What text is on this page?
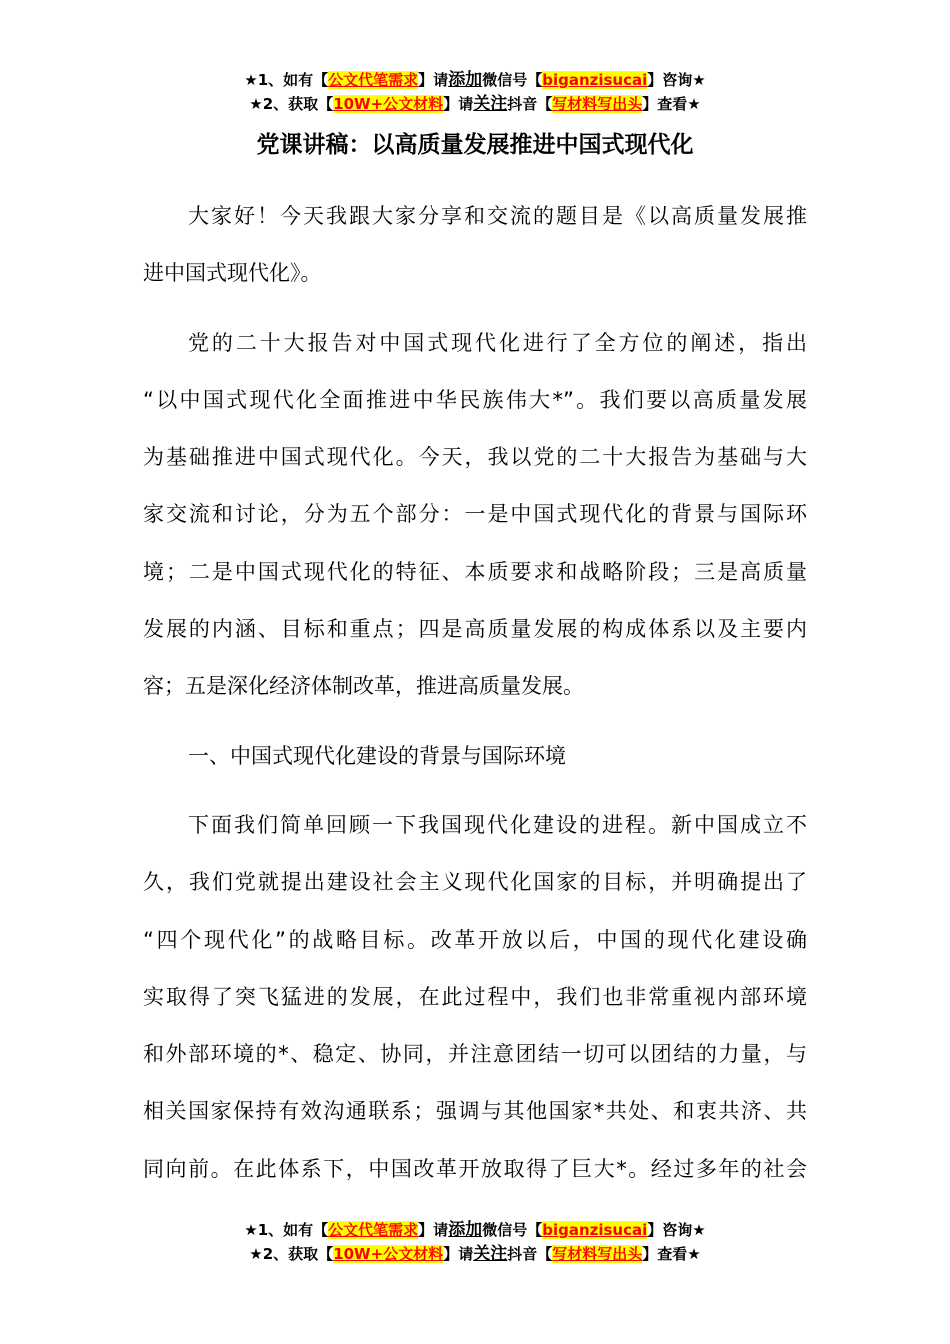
★1、如有【公文代笔需求】请添加微信号【biganzisucai】咨询★
★2、获取【10W+公文材料】请关注抖音【写材料写出头】查看★
党课讲稿：以高质量发展推进中国式现代化
大家好！今天我跟大家分享和交流的题目是《以高质量发展推
进中国式现代化》。
党的二十大报告对中国式现代化进行了全方位的阐述，指出
“以中国式现代化全面推进中华民族伟大*”。我们要以高质量发展
为基础推进中国式现代化。今天，我以党的二十大报告为基础与大
家交流和讨论，分为五个部分：一是中国式现代化的背景与国际环
境；二是中国式现代化的特征、本质要求和战略阶段；三是高质量
发展的内涵、目标和重点；四是高质量发展的构成体系以及主要内
容；五是深化经济体制改革，推进高质量发展。
一、中国式现代化建设的背景与国际环境
下面我们简单回顾一下我国现代化建设的进程。新中国成立不
久，我们党就提出建设社会主义现代化国家的目标，并明确提出了
“四个现代化”的战略目标。改革开放以后，中国的现代化建设确
实取得了突飞猛进的发展，在此过程中，我们也非常重视内部环境
和外部环境的*、稳定、协同，并注意团结一切可以团结的力量，与
相关国家保持有效沟通联系；强调与其他国家*共处、和衷共济、共
同向前。在此体系下，中国改革开放取得了巨大*。经过多年的社会
★1、如有【公文代笔需求】请添加微信号【biganzisucai】咨询★
★2、获取【10W+公文材料】请关注抖音【写材料写出头】查看★
